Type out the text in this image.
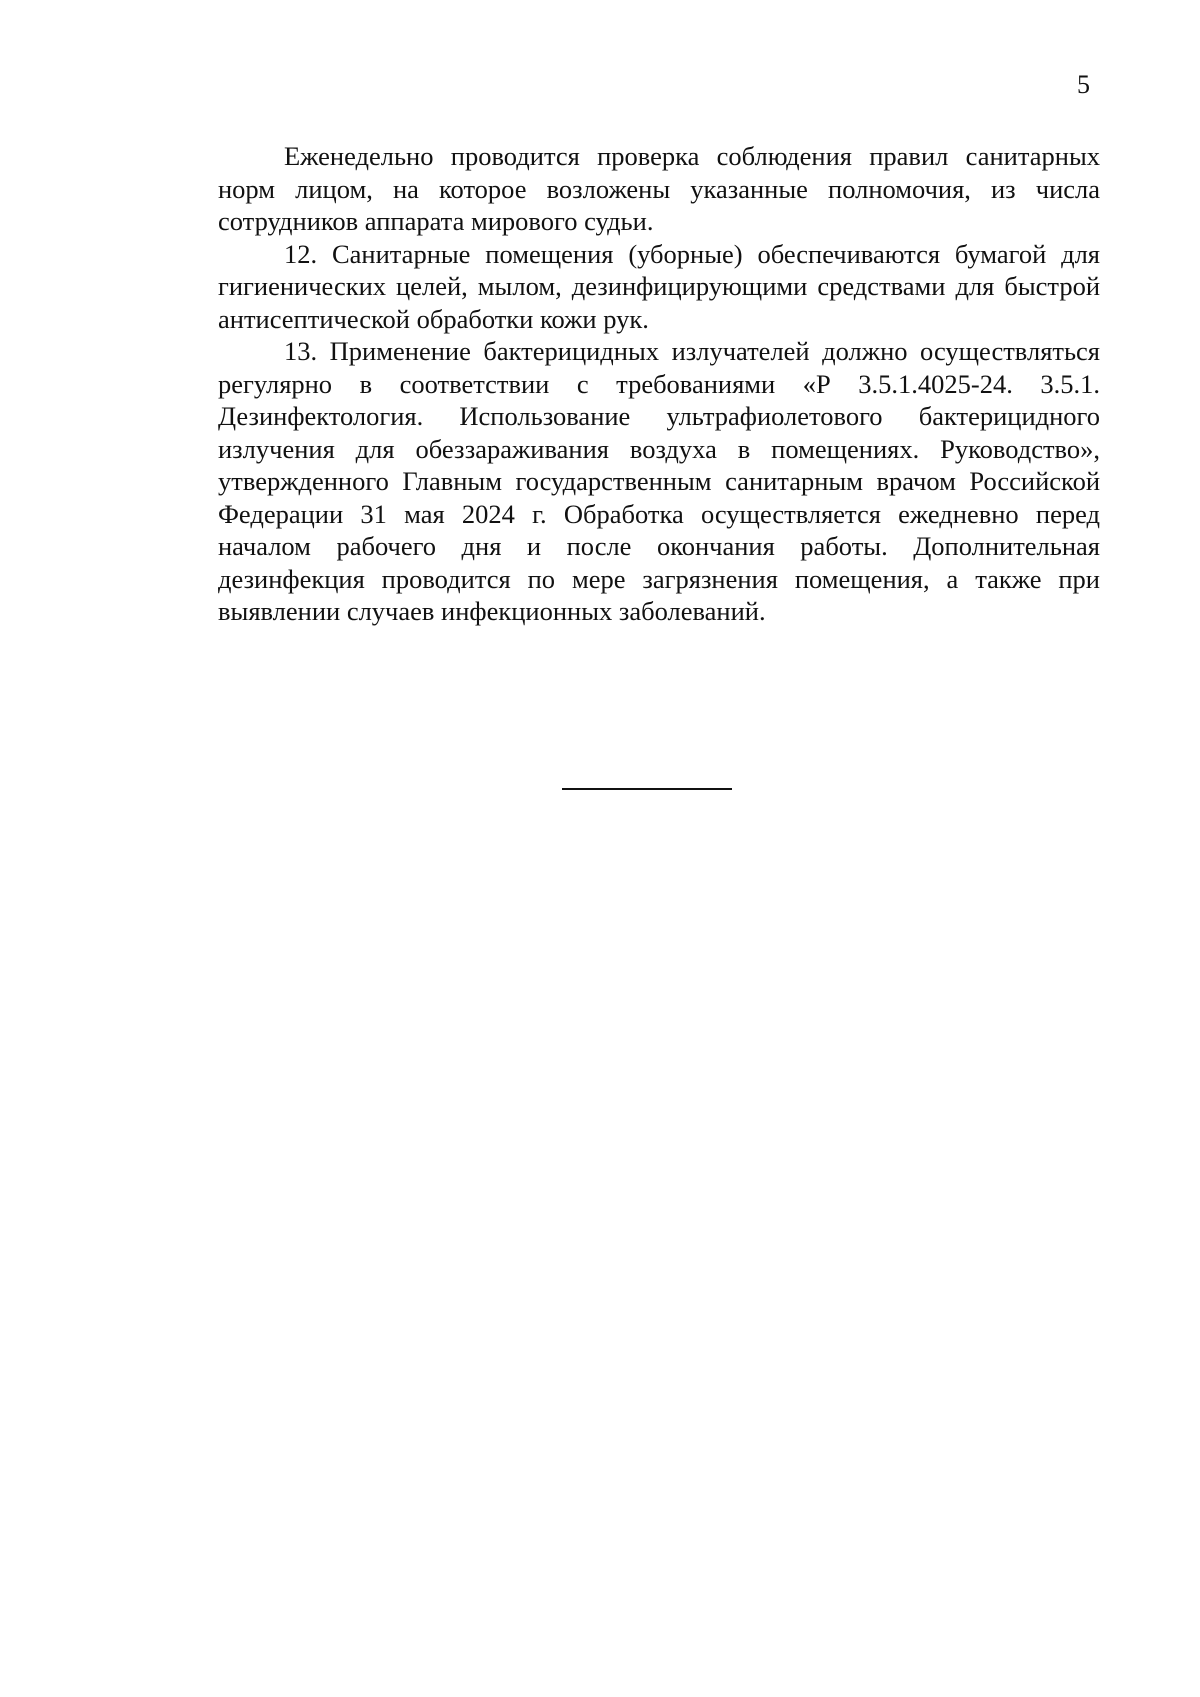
5

Еженедельно проводится проверка соблюдения правил санитарных норм лицом, на которое возложены указанные полномочия, из числа сотрудников аппарата мирового судьи.

12. Санитарные помещения (уборные) обеспечиваются бумагой для гигиенических целей, мылом, дезинфицирующими средствами для быстрой антисептической обработки кожи рук.

13. Применение бактерицидных излучателей должно осуществляться регулярно в соответствии с требованиями «Р 3.5.1.4025-24. 3.5.1. Дезинфектология. Использование ультрафиолетового бактерицидного излучения для обеззараживания воздуха в помещениях. Руководство», утвержденного Главным государственным санитарным врачом Российской Федерации 31 мая 2024 г. Обработка осуществляется ежедневно перед началом рабочего дня и после окончания работы. Дополнительная дезинфекция проводится по мере загрязнения помещения, а также при выявлении случаев инфекционных заболеваний.
